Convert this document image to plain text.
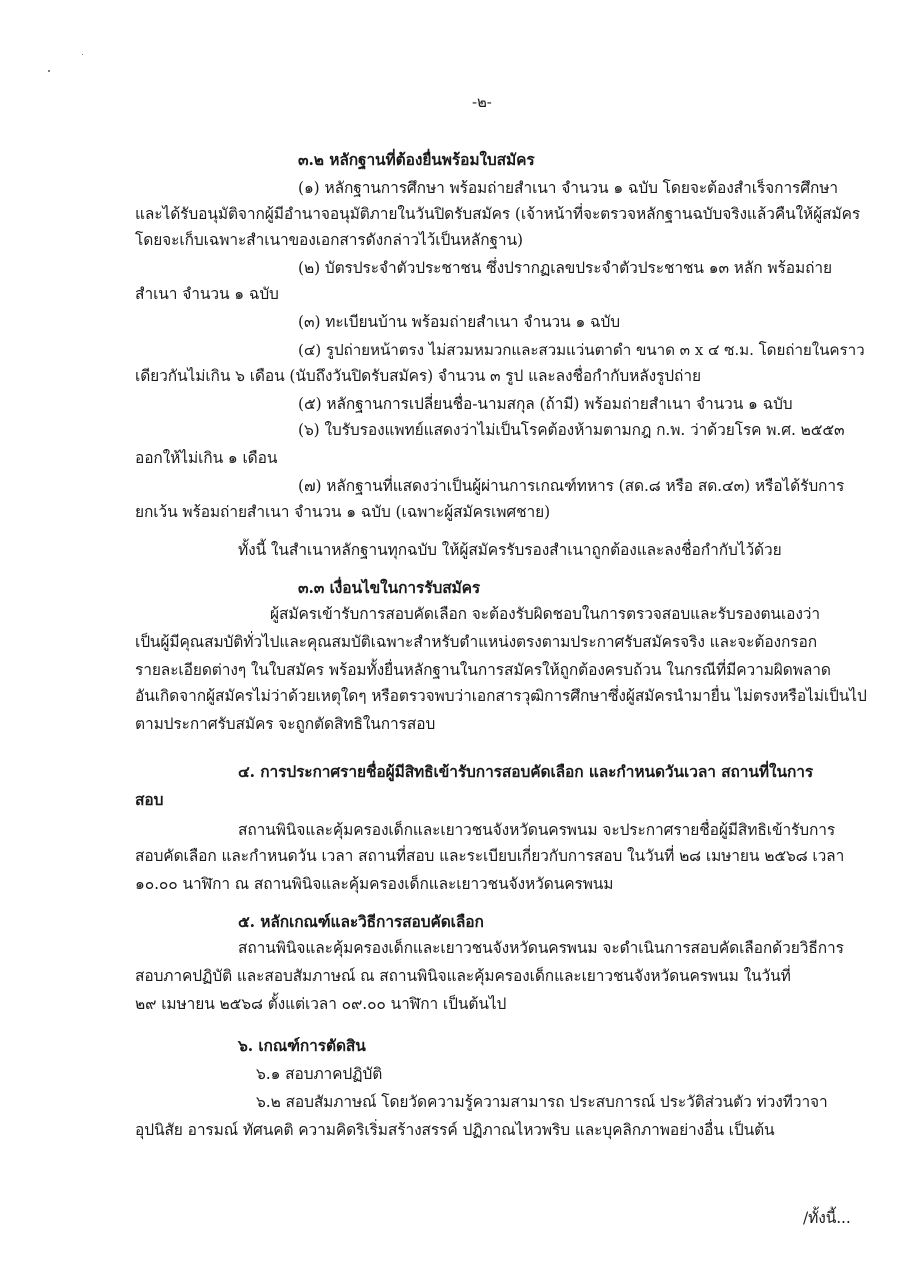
-๒-
๓.๒ หลักฐานที่ต้องยื่นพร้อมใบสมัคร
(๑) หลักฐานการศึกษา พร้อมถ่ายสำเนา จำนวน ๑ ฉบับ โดยจะต้องสำเร็จการศึกษา
และได้รับอนุมัติจากผู้มีอำนาจอนุมัติภายในวันปิดรับสมัคร (เจ้าหน้าที่จะตรวจหลักฐานฉบับจริงแล้วคืนให้ผู้สมัคร
โดยจะเก็บเฉพาะสำเนาของเอกสารดังกล่าวไว้เป็นหลักฐาน)
(๒) บัตรประจำตัวประชาชน ซึ่งปรากฏเลขประจำตัวประชาชน ๑๓ หลัก พร้อมถ่าย
สำเนา จำนวน ๑ ฉบับ
(๓) ทะเบียนบ้าน พร้อมถ่ายสำเนา จำนวน ๑ ฉบับ
(๔) รูปถ่ายหน้าตรง ไม่สวมหมวกและสวมแว่นตาดำ ขนาด ๓ x ๔ ซ.ม. โดยถ่ายในคราว
เดียวกันไม่เกิน ๖ เดือน (นับถึงวันปิดรับสมัคร) จำนวน ๓ รูป และลงชื่อกำกับหลังรูปถ่าย
(๕) หลักฐานการเปลี่ยนชื่อ-นามสกุล (ถ้ามี) พร้อมถ่ายสำเนา จำนวน ๑ ฉบับ
(๖) ใบรับรองแพทย์แสดงว่าไม่เป็นโรคต้องห้ามตามกฎ ก.พ. ว่าด้วยโรค พ.ศ. ๒๕๕๓
ออกให้ไม่เกิน ๑ เดือน
(๗) หลักฐานที่แสดงว่าเป็นผู้ผ่านการเกณฑ์ทหาร (สด.๘ หรือ สด.๔๓) หรือได้รับการ
ยกเว้น พร้อมถ่ายสำเนา จำนวน ๑ ฉบับ (เฉพาะผู้สมัครเพศชาย)
ทั้งนี้ ในสำเนาหลักฐานทุกฉบับ ให้ผู้สมัครรับรองสำเนาถูกต้องและลงชื่อกำกับไว้ด้วย
๓.๓ เงื่อนไขในการรับสมัคร
ผู้สมัครเข้ารับการสอบคัดเลือก จะต้องรับผิดชอบในการตรวจสอบและรับรองตนเองว่า
เป็นผู้มีคุณสมบัติทั่วไปและคุณสมบัติเฉพาะสำหรับตำแหน่งตรงตามประกาศรับสมัครจริง และจะต้องกรอก
รายละเอียดต่างๆ ในใบสมัคร พร้อมทั้งยื่นหลักฐานในการสมัครให้ถูกต้องครบถ้วน ในกรณีที่มีความผิดพลาด
อันเกิดจากผู้สมัครไม่ว่าด้วยเหตุใดๆ หรือตรวจพบว่าเอกสารวุฒิการศึกษาซึ่งผู้สมัครนำมายื่น ไม่ตรงหรือไม่เป็นไป
ตามประกาศรับสมัคร จะถูกตัดสิทธิในการสอบ
๔. การประกาศรายชื่อผู้มีสิทธิเข้ารับการสอบคัดเลือก และกำหนดวันเวลา สถานที่ในการ
สอบ
สถานพินิจและคุ้มครองเด็กและเยาวชนจังหวัดนครพนม จะประกาศรายชื่อผู้มีสิทธิเข้ารับการ
สอบคัดเลือก และกำหนดวัน เวลา สถานที่สอบ และระเบียบเกี่ยวกับการสอบ ในวันที่ ๒๘ เมษายน ๒๕๖๘ เวลา
๑๐.๐๐ นาฬิกา ณ สถานพินิจและคุ้มครองเด็กและเยาวชนจังหวัดนครพนม
๕. หลักเกณฑ์และวิธีการสอบคัดเลือก
สถานพินิจและคุ้มครองเด็กและเยาวชนจังหวัดนครพนม จะดำเนินการสอบคัดเลือกด้วยวิธีการ
สอบภาคปฏิบัติ และสอบสัมภาษณ์ ณ สถานพินิจและคุ้มครองเด็กและเยาวชนจังหวัดนครพนม ในวันที่
๒๙ เมษายน ๒๕๖๘ ตั้งแต่เวลา ๐๙.๐๐ นาฬิกา เป็นต้นไป
๖. เกณฑ์การตัดสิน
๖.๑ สอบภาคปฏิบัติ
๖.๒ สอบสัมภาษณ์ โดยวัดความรู้ความสามารถ ประสบการณ์ ประวัติส่วนตัว ท่วงทีวาจา
อุปนิสัย อารมณ์ ทัศนคติ ความคิดริเริ่มสร้างสรรค์ ปฏิภาณไหวพริบ และบุคลิกภาพอย่างอื่น เป็นต้น
/ทั้งนี้...
